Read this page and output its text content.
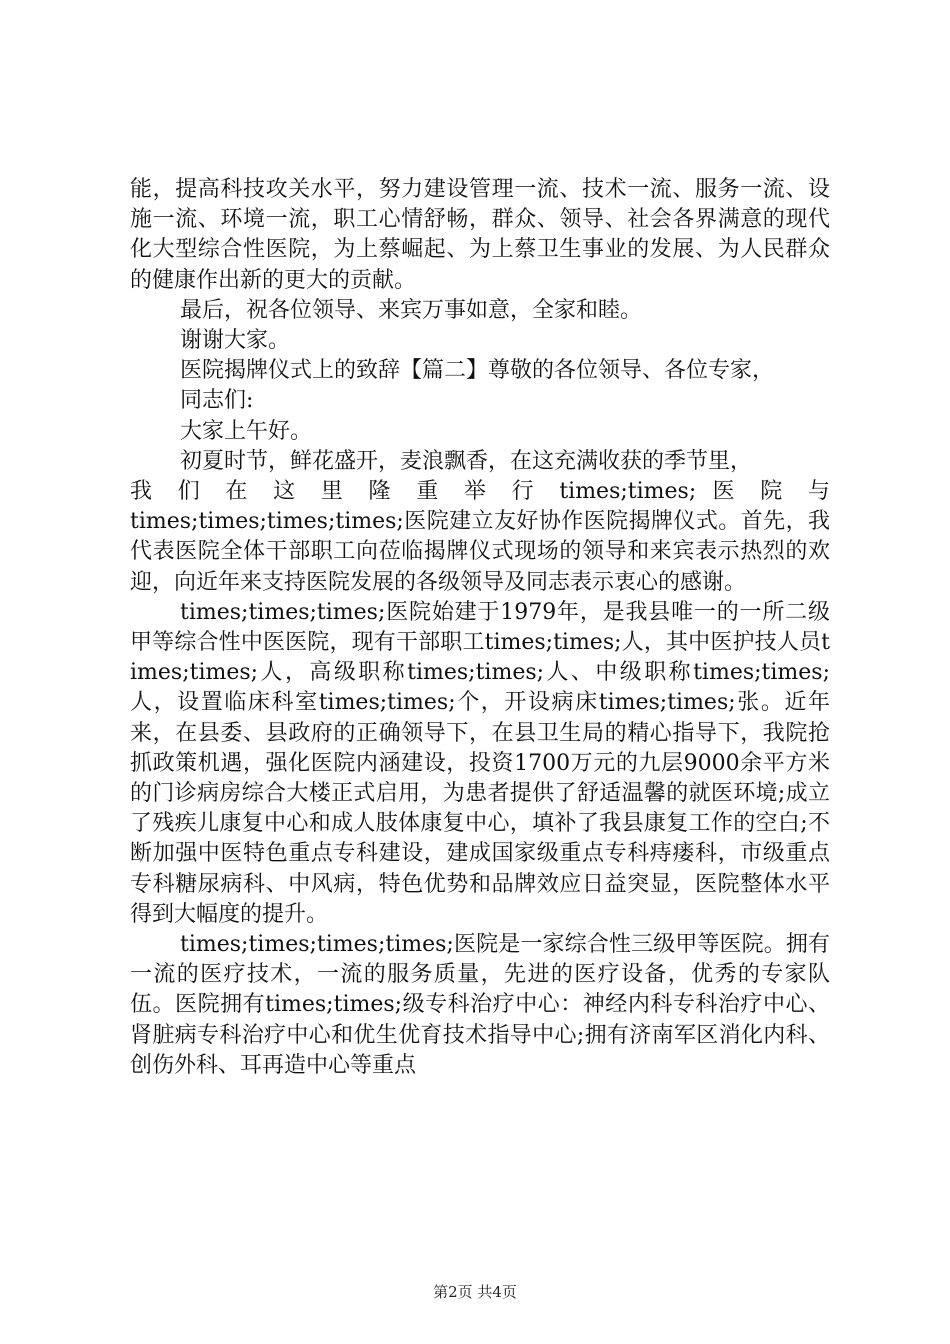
能，提高科技攻关水平，努力建设管理一流、技术一流、服务一流、设施一流、环境一流，职工心情舒畅，群众、领导、社会各界满意的现代化大型综合性医院，为上蔡崛起、为上蔡卫生事业的发展、为人民群众的健康作出新的更大的贡献。

最后，祝各位领导、来宾万事如意，全家和睦。

谢谢大家。

医院揭牌仪式上的致辞【篇二】尊敬的各位领导、各位专家，

同志们:

大家上午好。

初夏时节，鲜花盛开，麦浪飘香，在这充满收获的季节里，

我 们 在 这 里 隆 重 举 行 times;times; 医 院 与

times;times;times;times;医院建立友好协作医院揭牌仪式。首先，我代表医院全体干部职工向莅临揭牌仪式现场的领导和来宾表示热烈的欢迎，向近年来支持医院发展的各级领导及同志表示衷心的感谢。

times;times;times;医院始建于1979年，是我县唯一的一所二级甲等综合性中医医院，现有干部职工times;times;人，其中医护技人员times;times;人，高级职称times;times;人、中级职称times;times;人，设置临床科室times;times;个，开设病床times;times;张。近年来，在县委、县政府的正确领导下，在县卫生局的精心指导下，我院抢抓政策机遇，强化医院内涵建设，投资1700万元的九层9000余平方米的门诊病房综合大楼正式启用，为患者提供了舒适温馨的就医环境;成立了残疾儿康复中心和成人肢体康复中心，填补了我县康复工作的空白;不断加强中医特色重点专科建设，建成国家级重点专科痔瘘科，市级重点专科糖尿病科、中风病，特色优势和品牌效应日益突显，医院整体水平得到大幅度的提升。

times;times;times;times;医院是一家综合性三级甲等医院。拥有一流的医疗技术，一流的服务质量，先进的医疗设备，优秀的专家队伍。医院拥有times;times;级专科治疗中心：神经内科专科治疗中心、肾脏病专科治疗中心和优生优育技术指导中心;拥有济南军区消化内科、创伤外科、耳再造中心等重点

第2页 共4页
